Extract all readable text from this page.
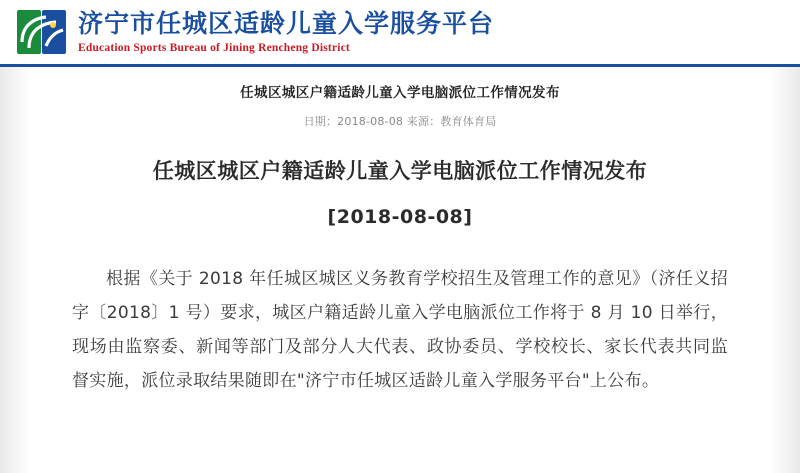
济宁市任城区适龄儿童入学服务平台
Education Sports Bureau of Jining Rencheng District
任城区城区户籍适龄儿童入学电脑派位工作情况发布
日期：2018-08-08 来源：教育体育局
任城区城区户籍适龄儿童入学电脑派位工作情况发布
[2018-08-08]
根据《关于 2018 年任城区城区义务教育学校招生及管理工作的意见》（济任义招字〔2018〕1 号）要求，城区户籍适龄儿童入学电脑派位工作将于 8 月 10 日举行，现场由监察委、新闻等部门及部分人大代表、政协委员、学校校长、家长代表共同监督实施，派位录取结果随即在"济宁市任城区适龄儿童入学服务平台"上公布。
